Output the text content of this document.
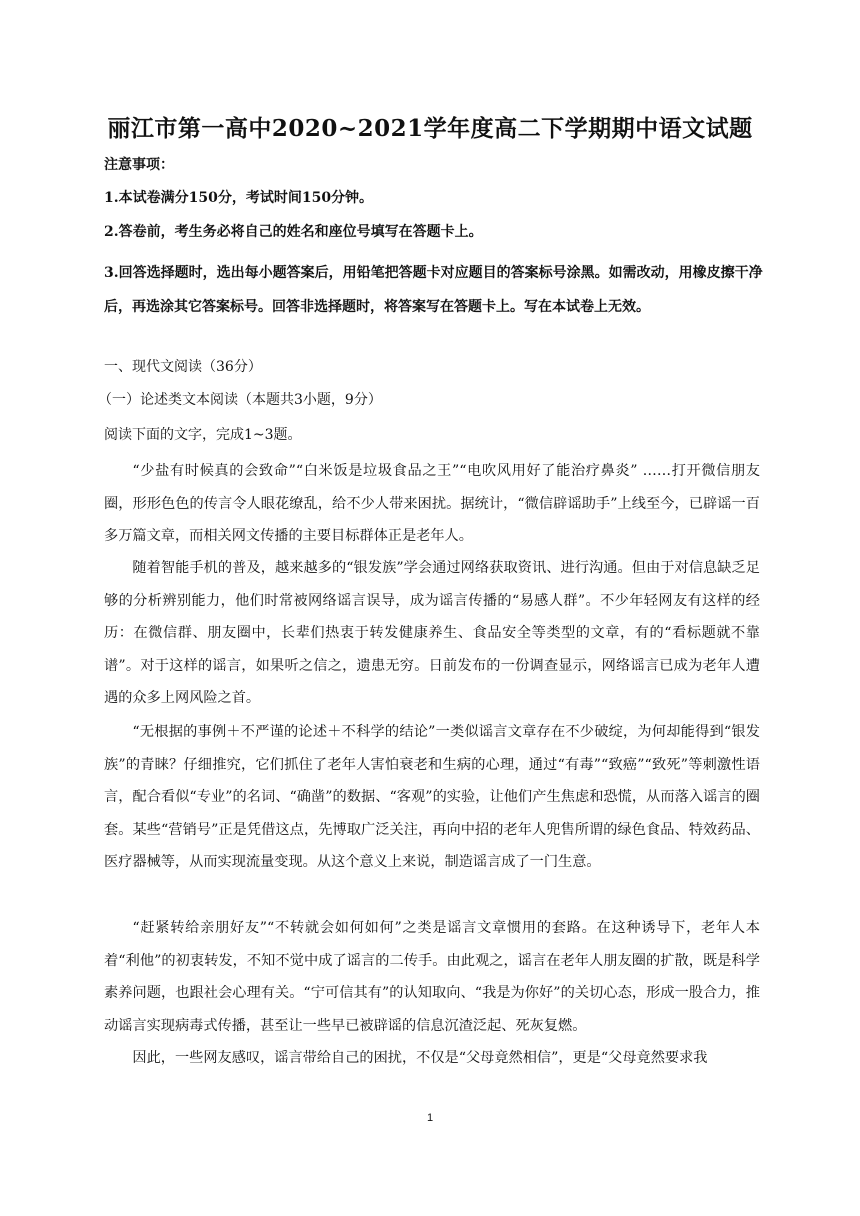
丽江市第一高中2020~2021学年度高二下学期期中语文试题
注意事项：
1.本试卷满分150分，考试时间150分钟。
2.答卷前，考生务必将自己的姓名和座位号填写在答题卡上。
3.回答选择题时，选出每小题答案后，用铅笔把答题卡对应题目的答案标号涂黑。如需改动，用橡皮擦干净后，再选涂其它答案标号。回答非选择题时，将答案写在答题卡上。写在本试卷上无效。
一、现代文阅读（36分）
（一）论述类文本阅读（本题共3小题，9分）
阅读下面的文字，完成1~3题。

“少盐有时候真的会致命”“白米饭是垃圾食品之王”“电吹风用好了能治疗鼻炎” ……打开微信朋友圈，形形色色的传言令人眼花缭乱，给不少人带来困扰。据统计，“微信辟谣助手”上线至今，已辟谣一百多万篇文章，而相关网文传播的主要目标群体正是老年人。

随着智能手机的普及，越来越多的“银发族”学会通过网络获取资讯、进行沟通。但由于对信息缺乏足够的分析辨别能力，他们时常被网络谣言误导，成为谣言传播的“易感人群”。不少年轻网友有这样的经历：在微信群、朋友圈中，长辈们热衷于转发健康养生、食品安全等类型的文章，有的“看标题就不靠谱”。对于这样的谣言，如果听之信之，遗患无穷。日前发布的一份调查显示，网络谣言已成为老年人遭遇的众多上网风险之首。

“无根据的事例＋不严谨的论述＋不科学的结论”一类似谣言文章存在不少破绽，为何却能得到“银发族”的青睐？仔细推究，它们抓住了老年人害怕衰老和生病的心理，通过“有毒”“致癌”“致死”等刺激性语言，配合看似“专业”的名词、“确凿”的数据、“客观”的实验，让他们产生焦虑和恐慌，从而落入谣言的圈套。某些“营销号”正是凭借这点，先博取广泛关注，再向中招的老年人兜售所谓的绿色食品、特效药品、医疗器械等，从而实现流量变现。从这个意义上来说，制造谣言成了一门生意。

“赶紧转给亲朋好友”“不转就会如何如何”之类是谣言文章惯用的套路。在这种诱导下，老年人本着“利他”的初衷转发，不知不觉中成了谣言的二传手。由此观之，谣言在老年人朋友圈的扩散，既是科学素养问题，也跟社会心理有关。“宁可信其有”的认知取向、“我是为你好”的关切心态，形成一股合力，推动谣言实现病毒式传播，甚至让一些早已被辟谣的信息沉渣泛起、死灰复燃。

因此，一些网友感叹，谣言带给自己的困扰，不仅是“父母竟然相信”，更是“父母竟然要求我

1
